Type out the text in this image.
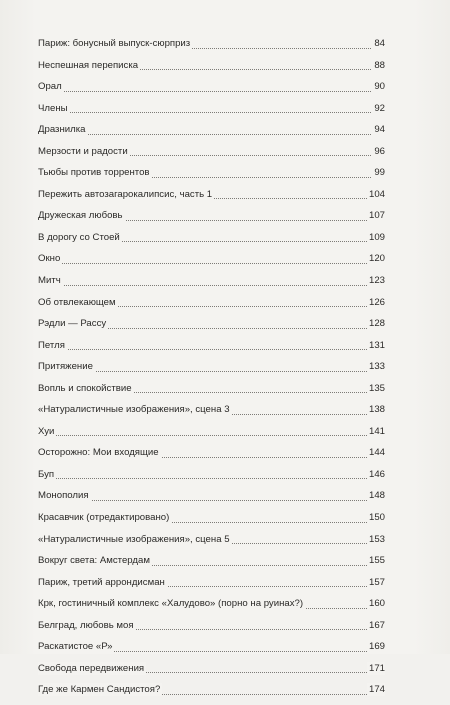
Париж: бонусный выпуск-сюрприз	84
Неспешная переписка	88
Орал	90
Члены	92
Дразнилка	94
Мерзости и радости	96
Тьюбы против торрентов	99
Пережить автозагарокалипсис, часть 1	104
Дружеская любовь	107
В дорогу со Стоей	109
Окно	120
Митч	123
Об отвлекающем	126
Рэдли — Рассу	128
Петля	131
Притяжение	133
Вопль и спокойствие	135
«Натуралистичные изображения», сцена 3	138
Хуи	141
Осторожно: Мои входящие	144
Буп	146
Монополия	148
Красавчик (отредактировано)	150
«Натуралистичные изображения», сцена 5	153
Вокруг света: Амстердам	155
Париж, третий аррондисман	157
Крк, гостиничный комплекс «Халудово» (порно на руинах?)	160
Белград, любовь моя	167
Раскатистое «Р»	169
Свобода передвижения	171
Где же Кармен Сандистоя?	174
